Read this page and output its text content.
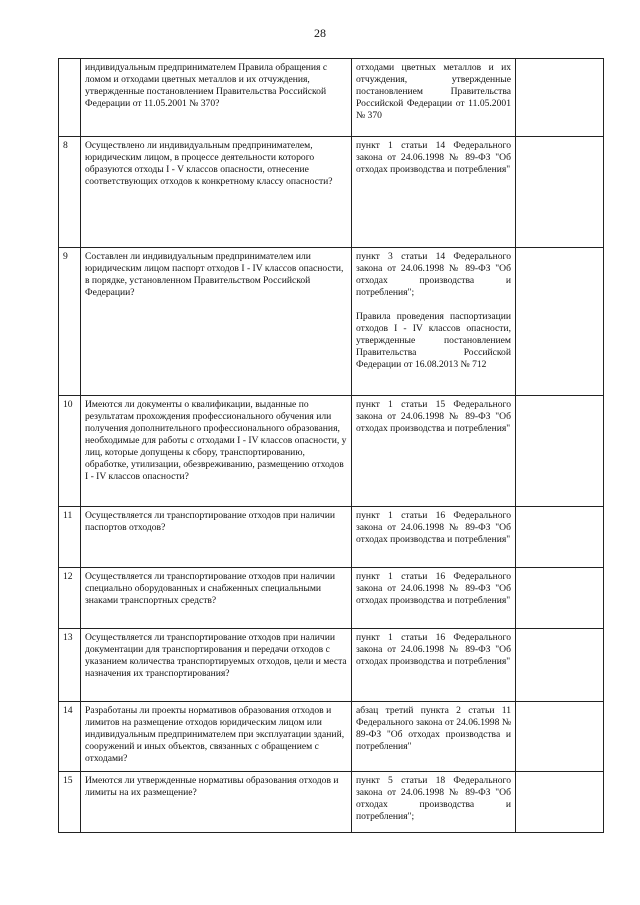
28
	индивидуальным предпринимателем Правила обращения с ломом и отходами цветных металлов и их отчуждения, утвержденные постановлением Правительства Российской Федерации от 11.05.2001 № 370?	отходами цветных металлов и их отчуждения, утвержденные постановлением Правительства Российской Федерации от 11.05.2001 № 370	

8	Осуществлено ли индивидуальным предпринимателем, юридическим лицом, в процессе деятельности которого образуются отходы I - V классов опасности, отнесение соответствующих отходов к конкретному классу опасности?	пункт 1 статьи 14 Федерального закона от 24.06.1998 № 89-ФЗ "Об отходах производства и потребления"	

9	Составлен ли индивидуальным предпринимателем или юридическим лицом паспорт отходов I - IV классов опасности, в порядке, установленном Правительством Российской Федерации?	пункт 3 статьи 14 Федерального закона от 24.06.1998 № 89-ФЗ "Об отходах производства и потребления";
Правила проведения паспортизации отходов I - IV классов опасности, утвержденные постановлением Правительства Российской Федерации от 16.08.2013 № 712	

10	Имеются ли документы о квалификации, выданные по результатам прохождения профессионального обучения или получения дополнительного профессионального образования, необходимые для работы с отходами I - IV классов опасности, у лиц, которые допущены к сбору, транспортированию, обработке, утилизации, обезвреживанию, размещению отходов I - IV классов опасности?	пункт 1 статьи 15 Федерального закона от 24.06.1998 № 89-ФЗ "Об отходах производства и потребления"	

11	Осуществляется ли транспортирование отходов при наличии паспортов отходов?	пункт 1 статьи 16 Федерального закона от 24.06.1998 № 89-ФЗ "Об отходах производства и потребления"	

12	Осуществляется ли транспортирование отходов при наличии специально оборудованных и снабженных специальными знаками транспортных средств?	пункт 1 статьи 16 Федерального закона от 24.06.1998 № 89-ФЗ "Об отходах производства и потребления"	

13	Осуществляется ли транспортирование отходов при наличии документации для транспортирования и передачи отходов с указанием количества транспортируемых отходов, цели и места назначения их транспортирования?	пункт 1 статьи 16 Федерального закона от 24.06.1998 № 89-ФЗ "Об отходах производства и потребления"	

14	Разработаны ли проекты нормативов образования отходов и лимитов на размещение отходов юридическим лицом или индивидуальным предпринимателем при эксплуатации зданий, сооружений и иных объектов, связанных с обращением с отходами?	абзац третий пункта 2 статьи 11 Федерального закона от 24.06.1998 № 89-ФЗ "Об отходах производства и потребления"	

15	Имеются ли утвержденные нормативы образования отходов и лимиты на их размещение?	пункт 5 статьи 18 Федерального закона от 24.06.1998 № 89-ФЗ "Об отходах производства и потребления";	
